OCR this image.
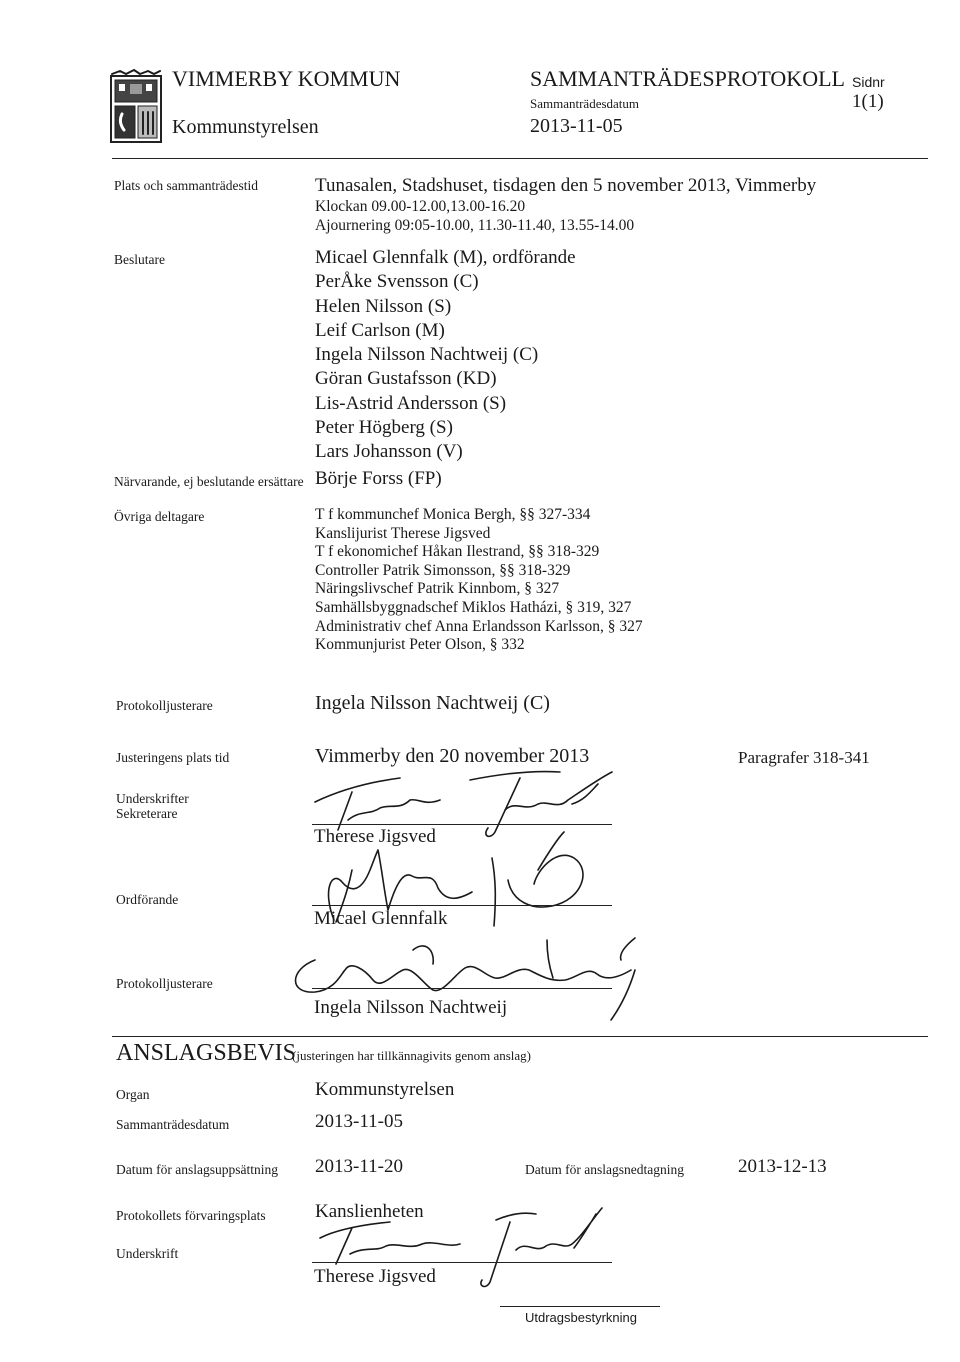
VIMMERBY KOMMUN
Kommunstyrelsen
SAMMANTRÄDESPROTOKOLL
Sammanträdesdatum
2013-11-05
Sidnr
1(1)
Plats och sammanträdestid	Tunasalen, Stadshuset, tisdagen den 5 november 2013, Vimmerby
Klockan 09.00-12.00,13.00-16.20
Ajournering 09:05-10.00, 11.30-11.40, 13.55-14.00
Beslutare	Micael Glennfalk (M), ordförande
PerÅke Svensson (C)
Helen Nilsson (S)
Leif Carlson (M)
Ingela Nilsson Nachtweij (C)
Göran Gustafsson (KD)
Lis-Astrid Andersson (S)
Peter Högberg (S)
Lars Johansson (V)
Närvarande, ej beslutande ersättare Börje Forss (FP)
Övriga deltagare	T f kommunchef Monica Bergh, §§ 327-334
Kanslijurist Therese Jigsved
T f ekonomichef Håkan Ilestrand, §§ 318-329
Controller Patrik Simonsson, §§ 318-329
Näringslivschef Patrik Kinnbom, § 327
Samhällsbyggnadschef Miklos Hatházi, § 319, 327
Administrativ chef Anna Erlandsson Karlsson, § 327
Kommunjurist Peter Olson, § 332
Protokolljusterare	Ingela Nilsson Nachtweij (C)
Justeringens plats tid	Vimmerby den 20 november 2013	Paragrafer 318-341
Underskrifter
Sekreterare
Therese Jigsved
Ordförande
Micael Glennfalk
Protokolljusterare
Ingela Nilsson Nachtweij
ANSLAGSBEVIS
(justeringen har tillkännagivits genom anslag)
Organ	Kommunstyrelsen
Sammanträdesdatum	2013-11-05
Datum för anslagsuppsättning 2013-11-20	Datum för anslagsnedtagning	2013-12-13
Protokollets förvaringsplats	Kanslienheten
Underskrift
Therese Jigsved
Utdragsbestyrkning
